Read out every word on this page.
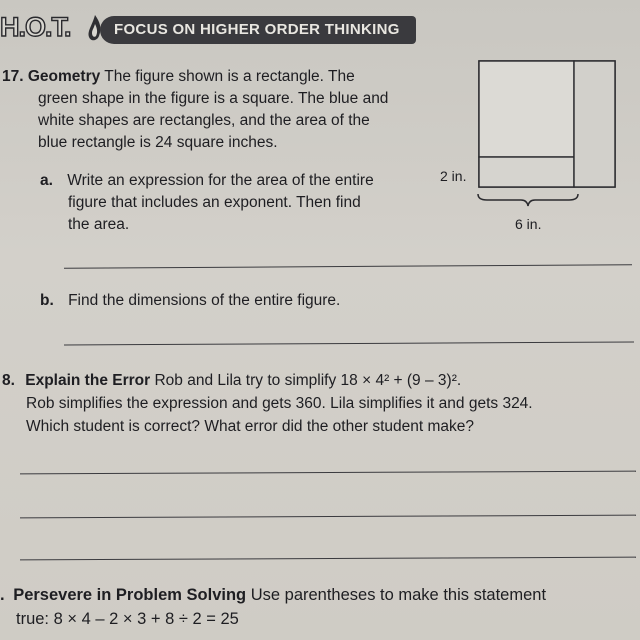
H.O.T.	FOCUS ON HIGHER ORDER THINKING
17. Geometry The figure shown is a rectangle. The
green shape in the figure is a square. The blue and
white shapes are rectangles, and the area of the
blue rectangle is 24 square inches.
a. Write an expression for the area of the entire
figure that includes an exponent. Then find
the area.
b. Find the dimensions of the entire figure.
2 in.
6 in.
8. Explain the Error Rob and Lila try to simplify 18 × 4² + (9 – 3)².
Rob simplifies the expression and gets 360. Lila simplifies it and gets 324.
Which student is correct? What error did the other student make?
. Persevere in Problem Solving Use parentheses to make this statement
true: 8 × 4 – 2 × 3 + 8 ÷ 2 = 25
